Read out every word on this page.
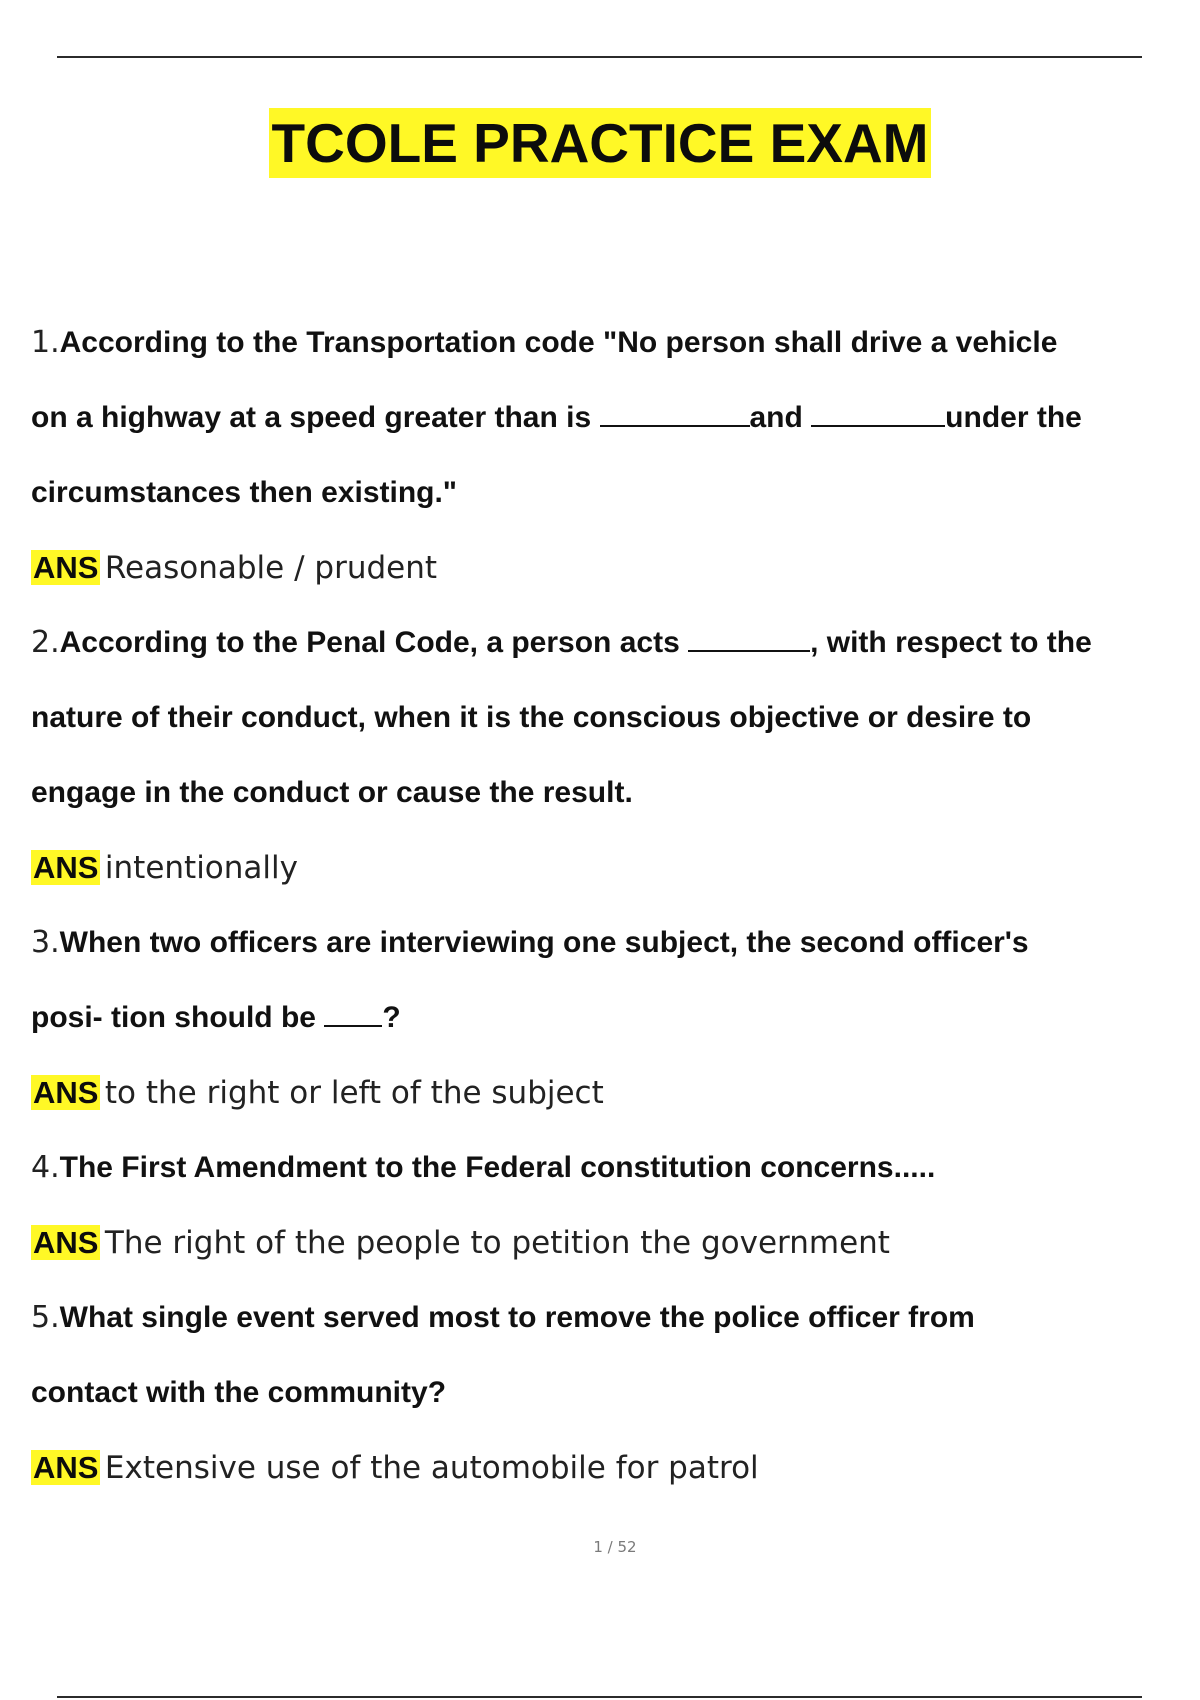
TCOLE PRACTICE EXAM
1.According to the Transportation code "No person shall drive a vehicle
on a highway at a speed greater than is	and	under the
circumstances then existing."
ANS Reasonable / prudent
2.According to the Penal Code, a person acts	, with respect to the
nature of their conduct, when it is the conscious objective or desire to
engage in the conduct or cause the result.
ANS intentionally
3.When two officers are interviewing one subject, the second officer's
posi- tion should be ?
ANS to the right or left of the subject
4.The First Amendment to the Federal constitution concerns.....
ANS The right of the people to petition the government
5.What single event served most to remove the police officer from
contact with the community?
ANS Extensive use of the automobile for patrol
1 / 52
